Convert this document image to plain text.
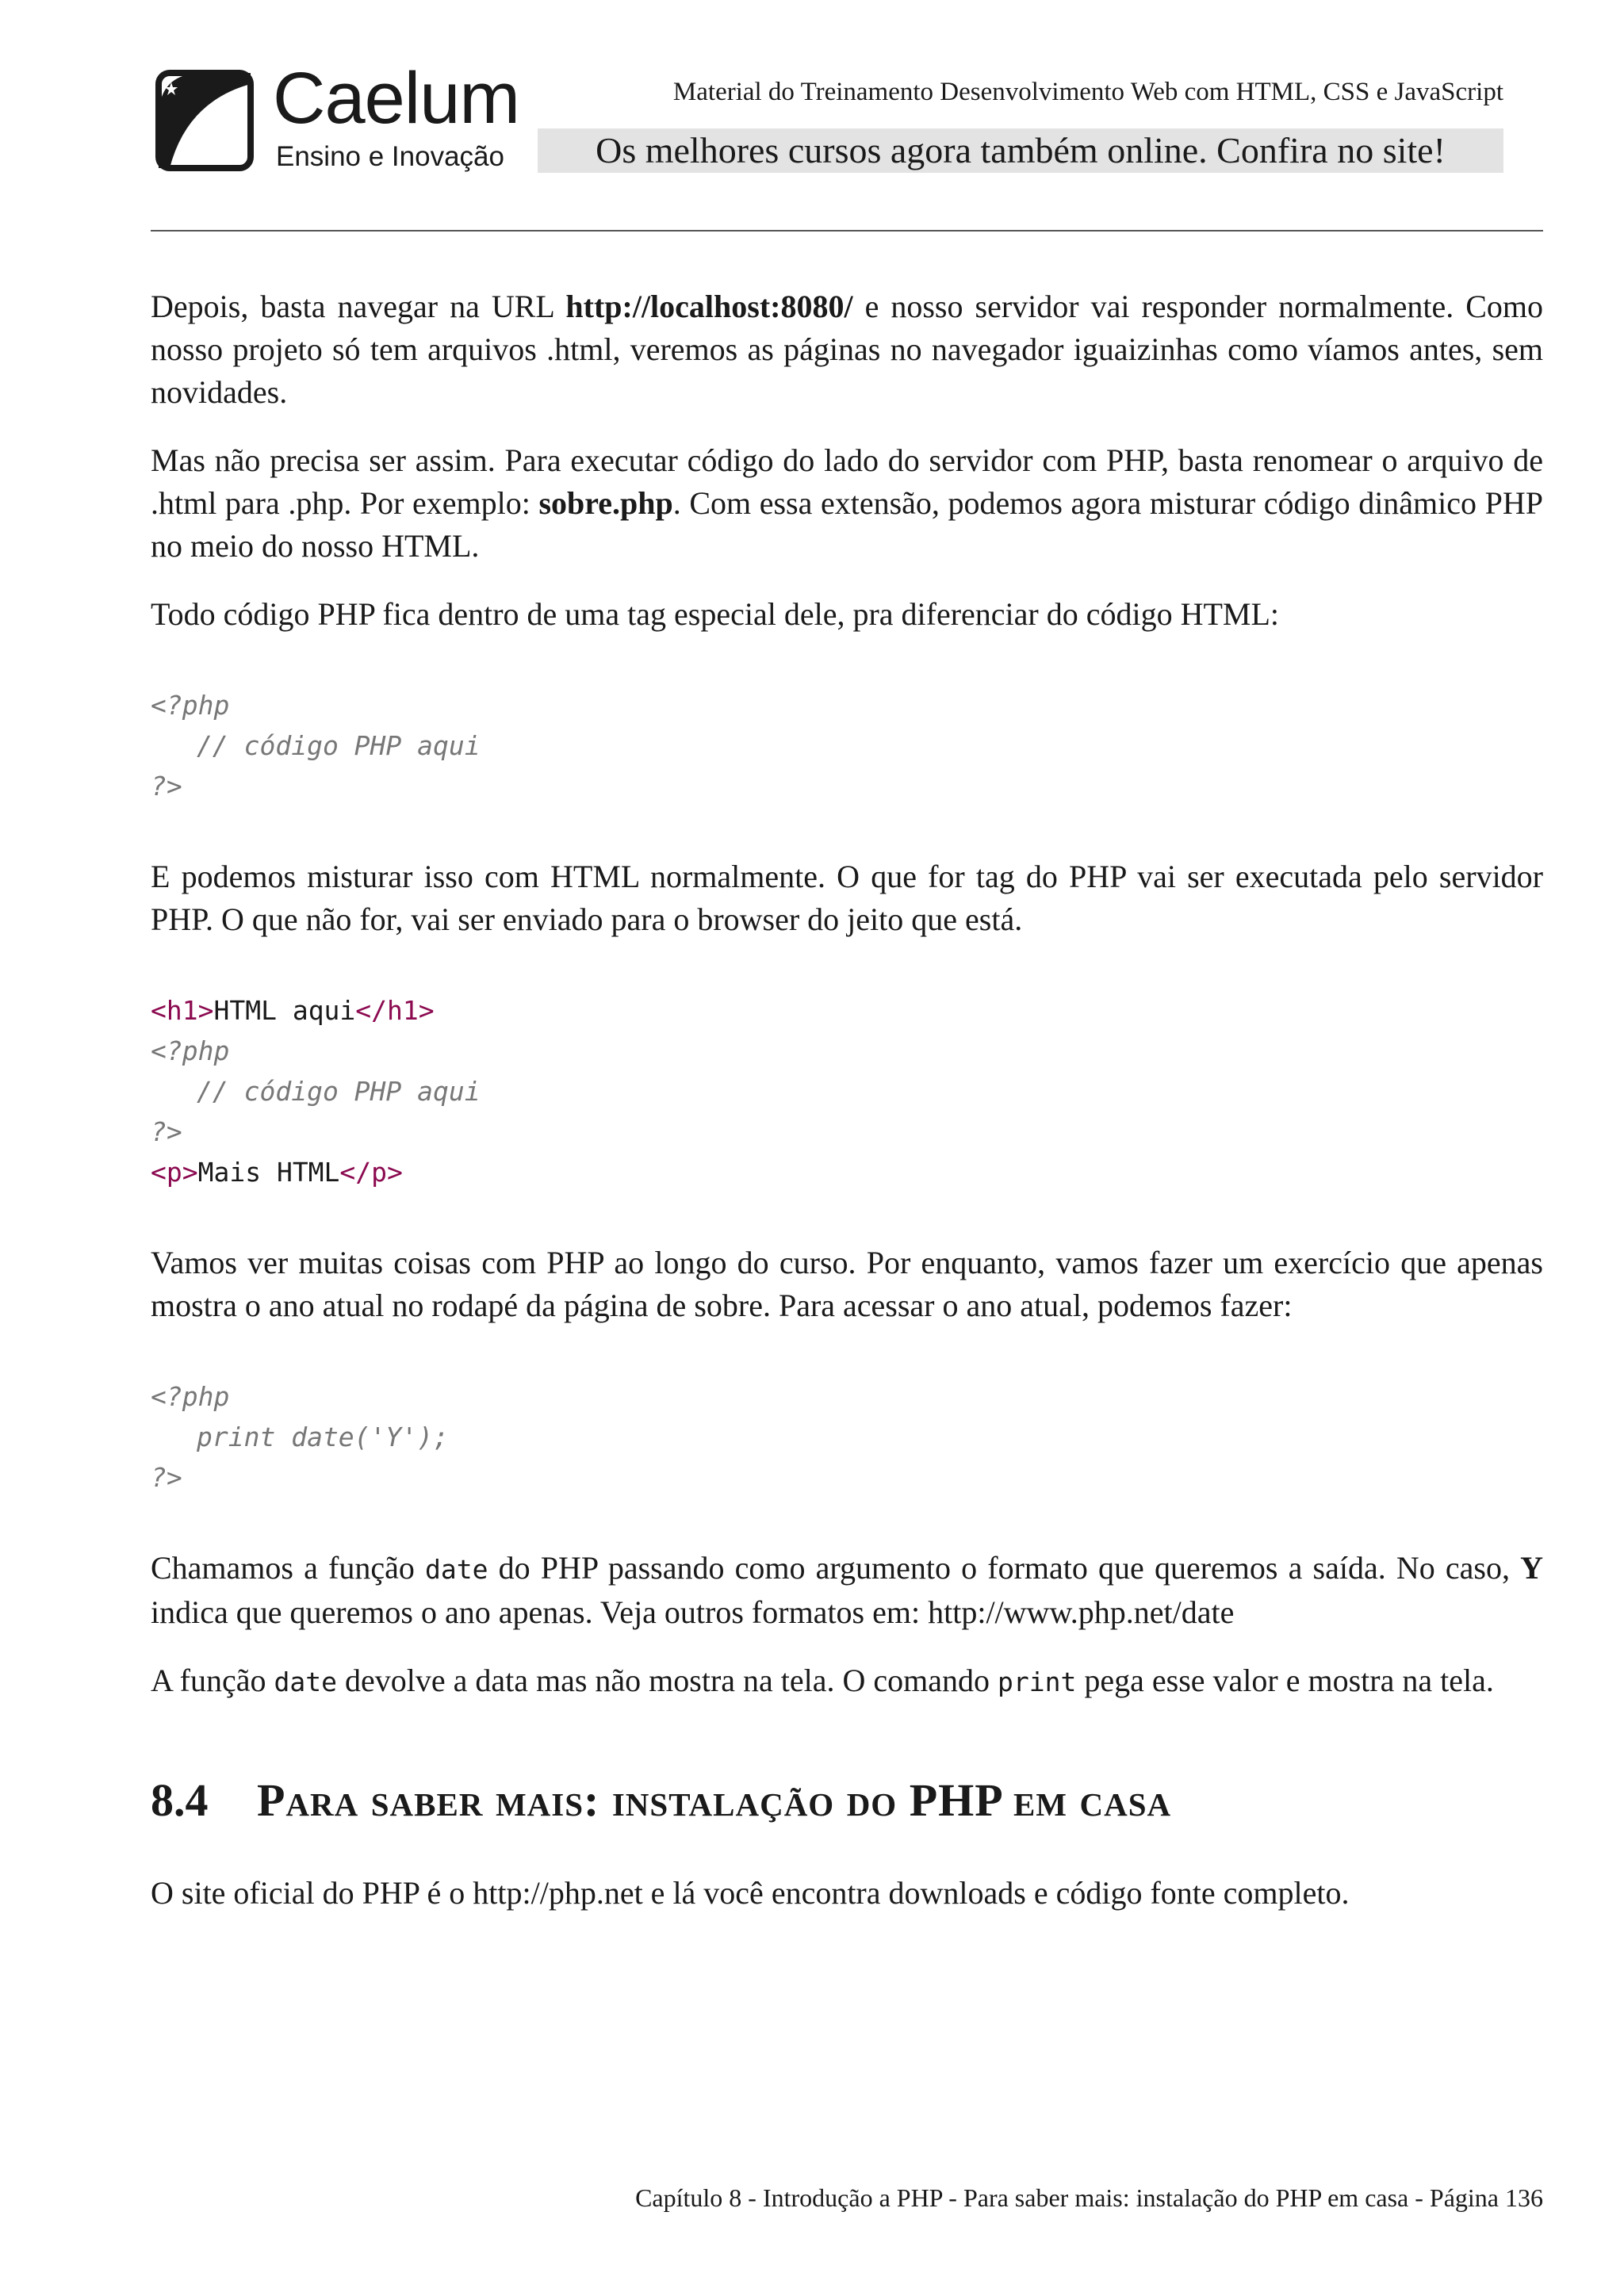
Caelum
Ensino e Inovação
Material do Treinamento Desenvolvimento Web com HTML, CSS e JavaScript
Os melhores cursos agora também online. Confira no site!

Depois, basta navegar na URL http://localhost:8080/ e nosso servidor vai responder normalmente. Como nosso projeto só tem arquivos .html, veremos as páginas no navegador iguaizinhas como víamos antes, sem novidades.

Mas não precisa ser assim. Para executar código do lado do servidor com PHP, basta renomear o arquivo de .html para .php. Por exemplo: sobre.php. Com essa extensão, podemos agora misturar código dinâmico PHP no meio do nosso HTML.

Todo código PHP fica dentro de uma tag especial dele, pra diferenciar do código HTML:

<?php
// código PHP aqui
?>

E podemos misturar isso com HTML normalmente. O que for tag do PHP vai ser executada pelo servidor PHP. O que não for, vai ser enviado para o browser do jeito que está.

<h1>HTML aqui</h1>
<?php
// código PHP aqui
?>
<p>Mais HTML</p>

Vamos ver muitas coisas com PHP ao longo do curso. Por enquanto, vamos fazer um exercício que apenas mostra o ano atual no rodapé da página de sobre. Para acessar o ano atual, podemos fazer:

<?php
print date('Y');
?>

Chamamos a função date do PHP passando como argumento o formato que queremos a saída. No caso, Y indica que queremos o ano apenas. Veja outros formatos em: http://www.php.net/date

A função date devolve a data mas não mostra na tela. O comando print pega esse valor e mostra na tela.

8.4 Para saber mais: instalação do PHP em casa

O site oficial do PHP é o http://php.net e lá você encontra downloads e código fonte completo.

Capítulo 8 - Introdução a PHP - Para saber mais: instalação do PHP em casa - Página 136
